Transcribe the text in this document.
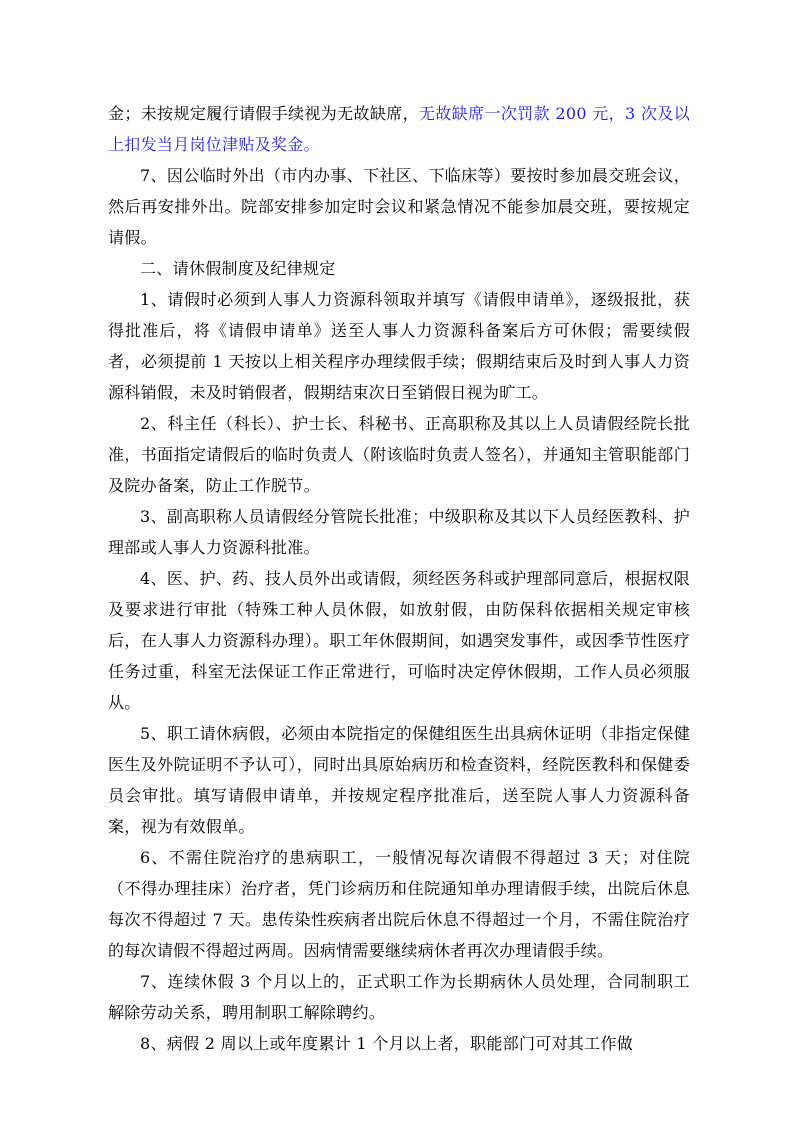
金；未按规定履行请假手续视为无故缺席，无故缺席一次罚款 200 元，3 次及以上扣发当月岗位津贴及奖金。

7、因公临时外出（市内办事、下社区、下临床等）要按时参加晨交班会议，然后再安排外出。院部安排参加定时会议和紧急情况不能参加晨交班，要按规定请假。

二、请休假制度及纪律规定

1、请假时必须到人事人力资源科领取并填写《请假申请单》，逐级报批，获得批准后，将《请假申请单》送至人事人力资源科备案后方可休假；需要续假者，必须提前 1 天按以上相关程序办理续假手续；假期结束后及时到人事人力资源科销假，未及时销假者，假期结束次日至销假日视为旷工。

2、科主任（科长）、护士长、科秘书、正高职称及其以上人员请假经院长批准，书面指定请假后的临时负责人（附该临时负责人签名），并通知主管职能部门及院办备案，防止工作脱节。

3、副高职称人员请假经分管院长批准；中级职称及其以下人员经医教科、护理部或人事人力资源科批准。

4、医、护、药、技人员外出或请假，须经医务科或护理部同意后，根据权限及要求进行审批（特殊工种人员休假，如放射假，由防保科依据相关规定审核后，在人事人力资源科办理）。职工年休假期间，如遇突发事件，或因季节性医疗任务过重，科室无法保证工作正常进行，可临时决定停休假期，工作人员必须服从。

5、职工请休病假，必须由本院指定的保健组医生出具病休证明（非指定保健医生及外院证明不予认可），同时出具原始病历和检查资料，经院医教科和保健委员会审批。填写请假申请单，并按规定程序批准后，送至院人事人力资源科备案，视为有效假单。

6、不需住院治疗的患病职工，一般情况每次请假不得超过 3 天；对住院（不得办理挂床）治疗者，凭门诊病历和住院通知单办理请假手续，出院后休息每次不得超过 7 天。患传染性疾病者出院后休息不得超过一个月，不需住院治疗的每次请假不得超过两周。因病情需要继续病休者再次办理请假手续。

7、连续休假 3 个月以上的，正式职工作为长期病休人员处理，合同制职工解除劳动关系，聘用制职工解除聘约。

8、病假 2 周以上或年度累计 1 个月以上者，职能部门可对其工作做
